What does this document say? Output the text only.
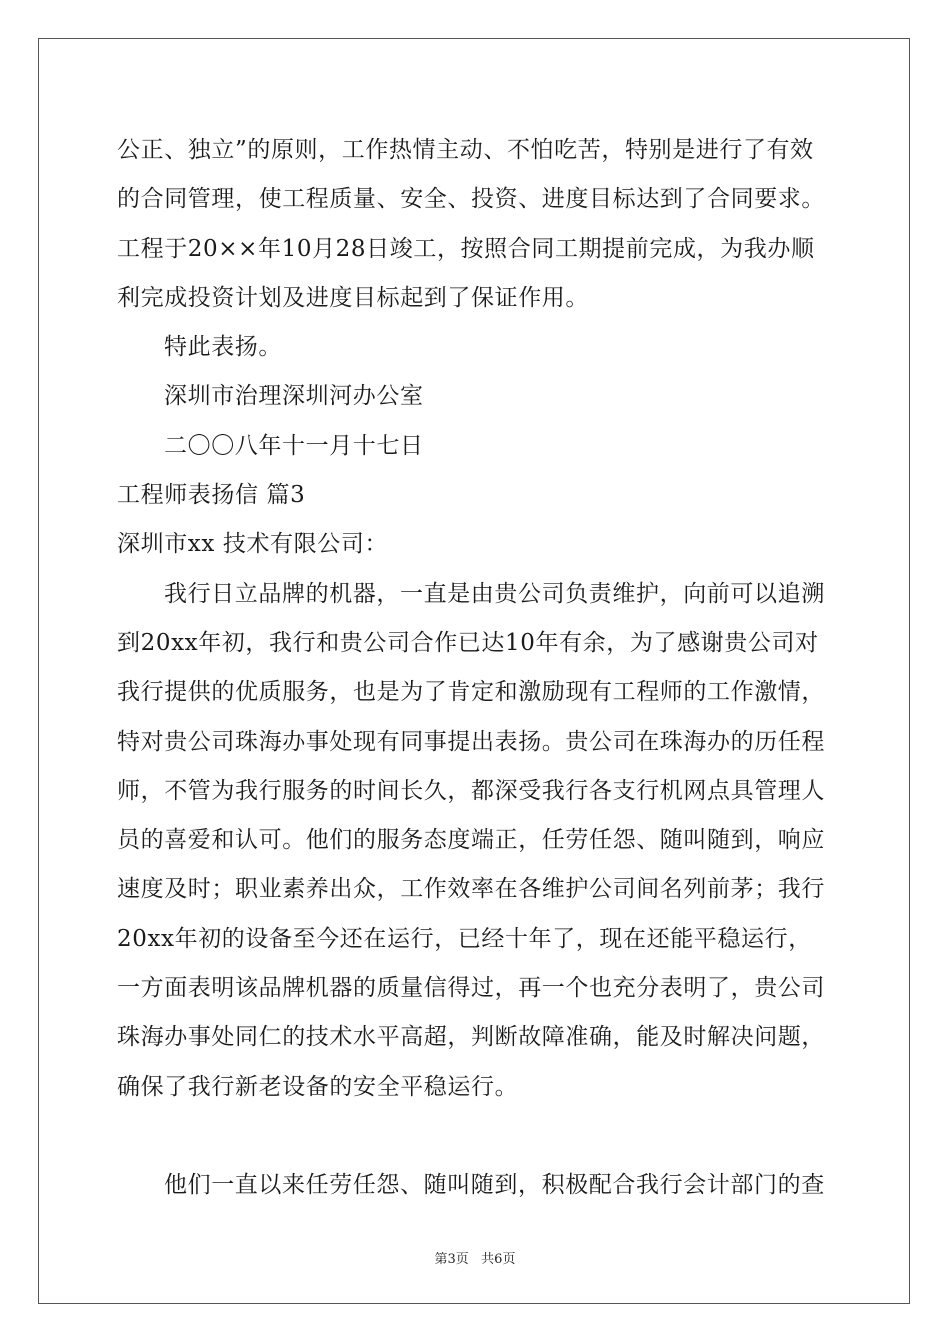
公正、独立”的原则，工作热情主动、不怕吃苦，特别是进行了有效
的合同管理，使工程质量、安全、投资、进度目标达到了合同要求。
工程于20××年10月28日竣工，按照合同工期提前完成，为我办顺
利完成投资计划及进度目标起到了保证作用。
特此表扬。
深圳市治理深圳河办公室
二〇〇八年十一月十七日
工程师表扬信 篇3
深圳市xx 技术有限公司：
我行日立品牌的机器，一直是由贵公司负责维护，向前可以追溯
到20xx年初，我行和贵公司合作已达10年有余，为了感谢贵公司对
我行提供的优质服务，也是为了肯定和激励现有工程师的工作激情，
特对贵公司珠海办事处现有同事提出表扬。贵公司在珠海办的历任程
师，不管为我行服务的时间长久，都深受我行各支行机网点具管理人
员的喜爱和认可。他们的服务态度端正，任劳任怨、随叫随到，响应
速度及时；职业素养出众，工作效率在各维护公司间名列前茅；我行
20xx年初的设备至今还在运行，已经十年了，现在还能平稳运行，
一方面表明该品牌机器的质量信得过，再一个也充分表明了，贵公司
珠海办事处同仁的技术水平高超，判断故障准确，能及时解决问题，
确保了我行新老设备的安全平稳运行。
他们一直以来任劳任怨、随叫随到，积极配合我行会计部门的查
第3页   共6页
